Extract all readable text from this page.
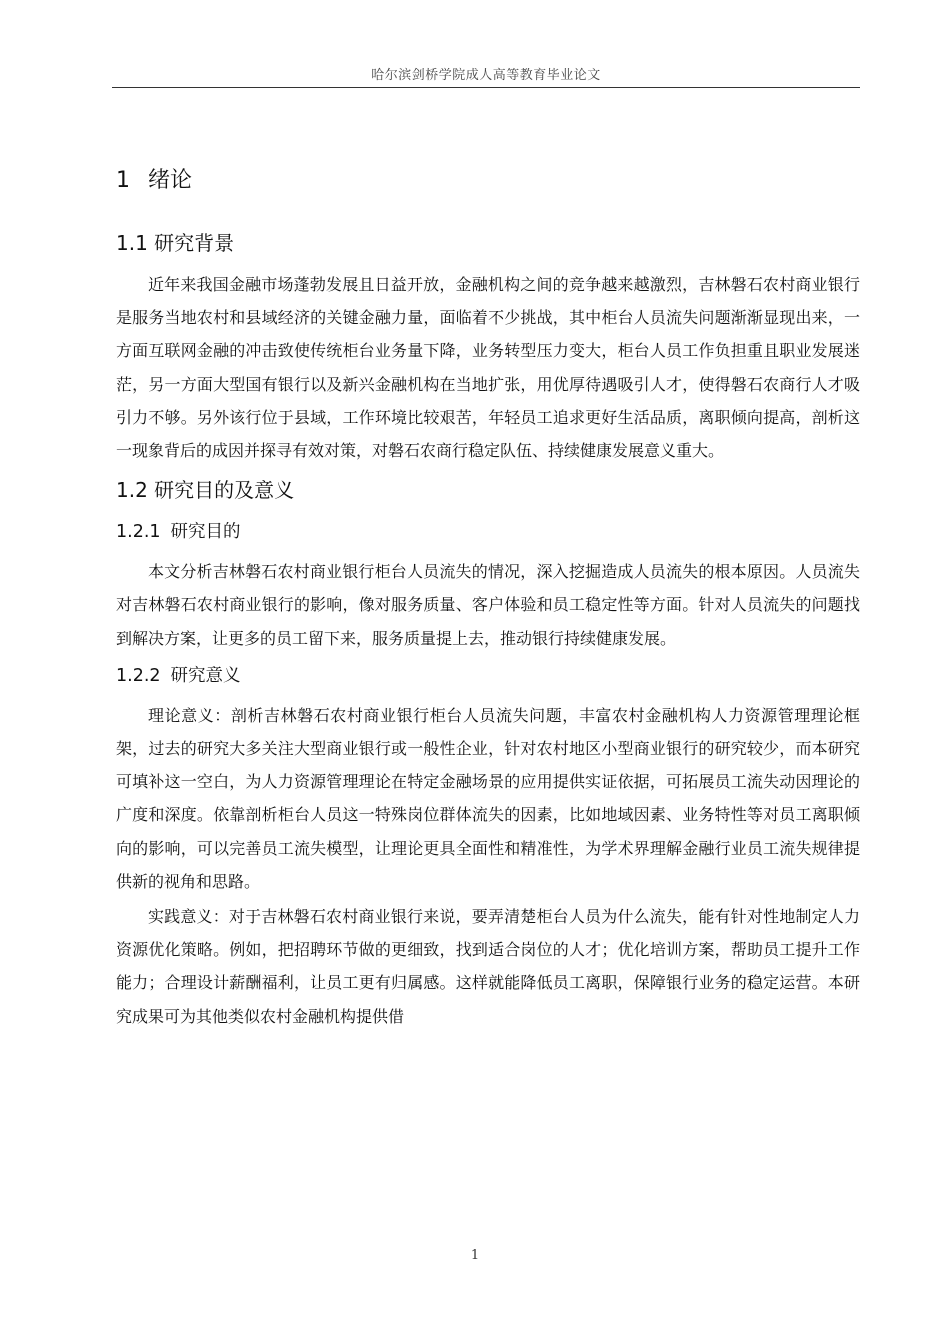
哈尔滨剑桥学院成人高等教育毕业论文
1 绪论
1.1 研究背景

近年来我国金融市场蓬勃发展且日益开放，金融机构之间的竞争越来越激烈，吉林磐石农村商业银行是服务当地农村和县域经济的关键金融力量，面临着不少挑战，其中柜台人员流失问题渐渐显现出来，一方面互联网金融的冲击致使传统柜台业务量下降，业务转型压力变大，柜台人员工作负担重且职业发展迷茫，另一方面大型国有银行以及新兴金融机构在当地扩张，用优厚待遇吸引人才，使得磐石农商行人才吸引力不够。另外该行位于县域，工作环境比较艰苦，年轻员工追求更好生活品质，离职倾向提高，剖析这一现象背后的成因并探寻有效对策，对磐石农商行稳定队伍、持续健康发展意义重大。

1.2 研究目的及意义
1.2.1 研究目的

本文分析吉林磐石农村商业银行柜台人员流失的情况，深入挖掘造成人员流失的根本原因。人员流失对吉林磐石农村商业银行的影响，像对服务质量、客户体验和员工稳定性等方面。针对人员流失的问题找到解决方案，让更多的员工留下来，服务质量提上去，推动银行持续健康发展。

1.2.2 研究意义

理论意义：剖析吉林磐石农村商业银行柜台人员流失问题，丰富农村金融机构人力资源管理理论框架，过去的研究大多关注大型商业银行或一般性企业，针对农村地区小型商业银行的研究较少，而本研究可填补这一空白，为人力资源管理理论在特定金融场景的应用提供实证依据，可拓展员工流失动因理论的广度和深度。依靠剖析柜台人员这一特殊岗位群体流失的因素，比如地域因素、业务特性等对员工离职倾向的影响，可以完善员工流失模型，让理论更具全面性和精准性，为学术界理解金融行业员工流失规律提供新的视角和思路。

实践意义：对于吉林磐石农村商业银行来说，要弄清楚柜台人员为什么流失，能有针对性地制定人力资源优化策略。例如，把招聘环节做的更细致，找到适合岗位的人才；优化培训方案，帮助员工提升工作能力；合理设计薪酬福利，让员工更有归属感。这样就能降低员工离职，保障银行业务的稳定运营。本研究成果可为其他类似农村金融机构提供借

1
